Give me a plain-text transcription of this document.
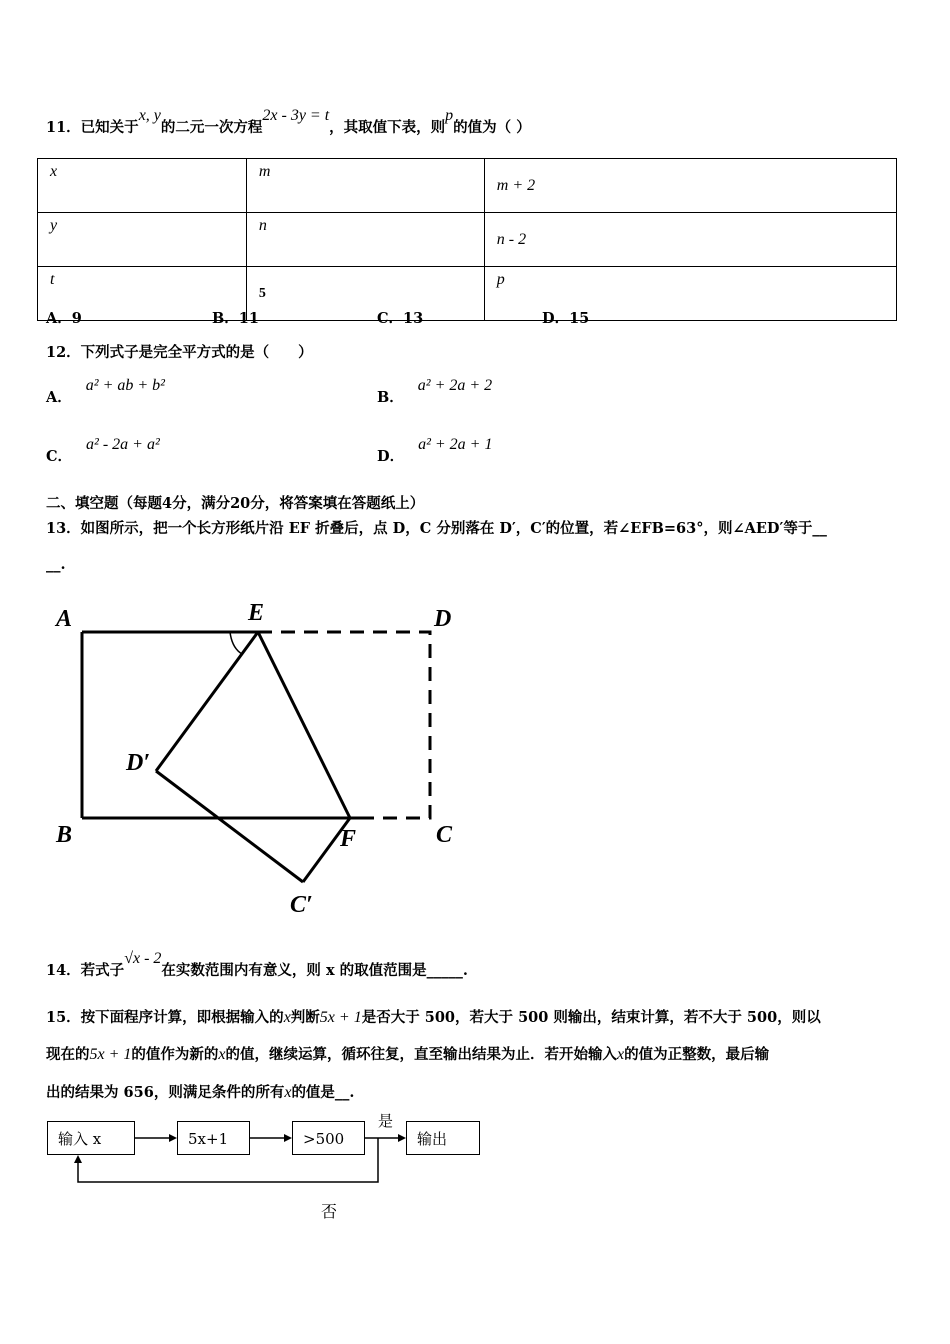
11．已知关于x, y的二元一次方程2x - 3y = t，其取值下表，则p的值为（ ）
x	m	m + 2
y	n	n - 2
t	5	p
A．9	B．11	C．13	D．15
12．下列式子是完全平方式的是（　　）
A．a² + ab + b²
B．a² + 2a + 2
C．a² - 2a + a²
D．a² + 2a + 1
二、填空题（每题4分，满分20分，将答案填在答题纸上）
13．如图所示，把一个长方形纸片沿 EF 折叠后，点 D，C 分别落在 D′，C′的位置，若∠EFB=63°，则∠AED′等于__
__.
A	E	D
D′
B	F	C
C′
14．若式子√x - 2在实数范围内有意义，则 x 的取值范围是_____.
15．按下面程序计算，即根据输入的x判断5x + 1是否大于 500，若大于 500 则输出，结束计算，若不大于 500，则以
现在的5x + 1的值作为新的x的值，继续运算，循环往复，直至输出结果为止．若开始输入x的值为正整数，最后输
出的结果为 656，则满足条件的所有x的值是__.
输入 x	5x+1	>500	输出
是
否
